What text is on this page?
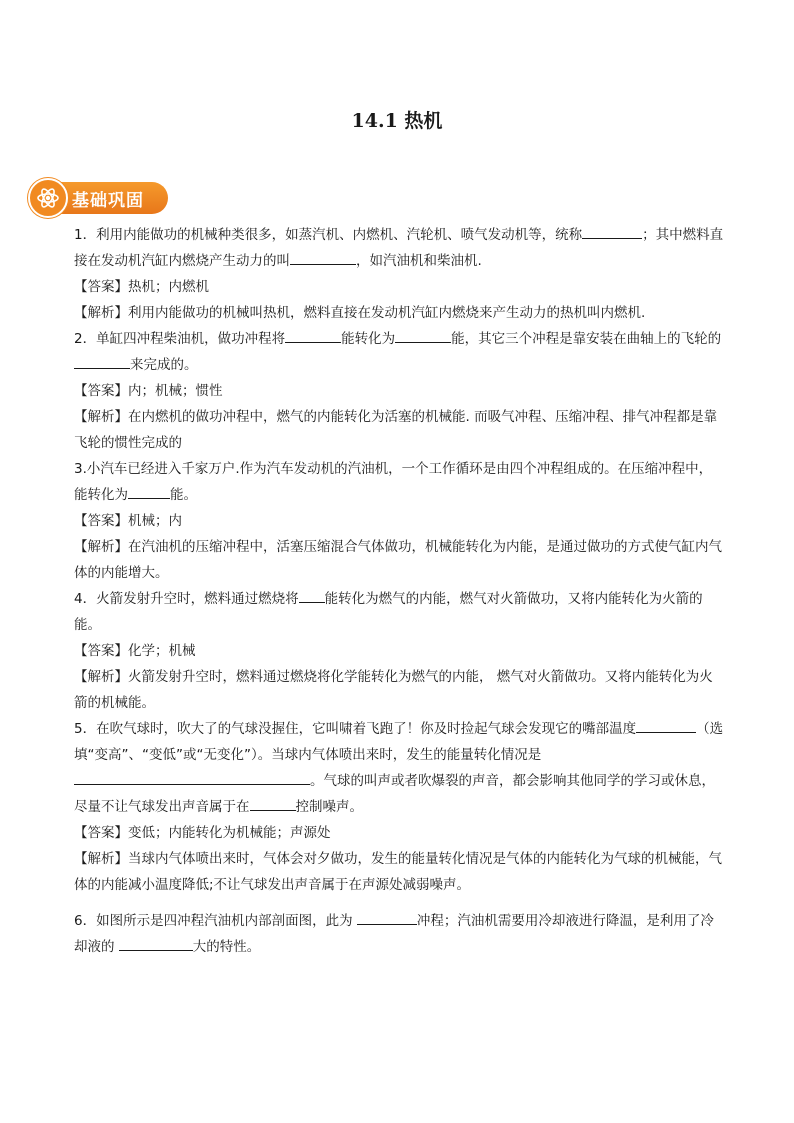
14.1 热机
基础巩固

1．利用内能做功的机械种类很多，如蒸汽机、内燃机、汽轮机、喷气发动机等，统称	；其中燃料直接在发动机汽缸内燃烧产生动力的叫	，如汽油机和柴油机.

【答案】热机；内燃机

【解析】利用内能做功的机械叫热机，燃料直接在发动机汽缸内燃烧来产生动力的热机叫内燃机.

2．单缸四冲程柴油机，做功冲程将	能转化为	能，其它三个冲程是靠安装在曲轴上的飞轮的来完成的。

【答案】内；机械；惯性

【解析】在内燃机的做功冲程中，燃气的内能转化为活塞的机械能. 而吸气冲程、压缩冲程、排气冲程都是靠飞轮的惯性完成的

3.小汽车已经进入千家万户.作为汽车发动机的汽油机，一个工作循环是由四个冲程组成的。在压缩冲程中，能转化为	能。

【答案】机械；内

【解析】在汽油机的压缩冲程中，活塞压缩混合气体做功，机械能转化为内能，是通过做功的方式使气缸内气体的内能增大。

4．火箭发射升空时，燃料通过燃烧将 能转化为燃气的内能，燃气对火箭做功，又将内能转化为火箭的能。

【答案】化学；机械

【解析】火箭发射升空时，燃料通过燃烧将化学能转化为燃气的内能， 燃气对火箭做功。又将内能转化为火箭的机械能。

5．在吹气球时，吹大了的气球没握住，它叫啸着飞跑了！你及时捡起气球会发现它的嘴部温度	（选填“变高”、“变低”或“无变化”）。当球内气体喷出来时，发生的能量转化情况是。气球的叫声或者吹爆裂的声音，都会影响其他同学的学习或休息，尽量不让气球发出声音属于在	控制噪声。

【答案】变低；内能转化为机械能；声源处

【解析】当球内气体喷出来时，气体会对夕做功，发生的能量转化情况是气体的内能转化为气球的机械能，气体的内能减小温度降低;不让气球发出声音属于在声源处减弱噪声。

6．如图所示是四冲程汽油机内部剖面图，此为	冲程；汽油机需要用冷却液进行降温，是利用了冷却液的	大的特性。
